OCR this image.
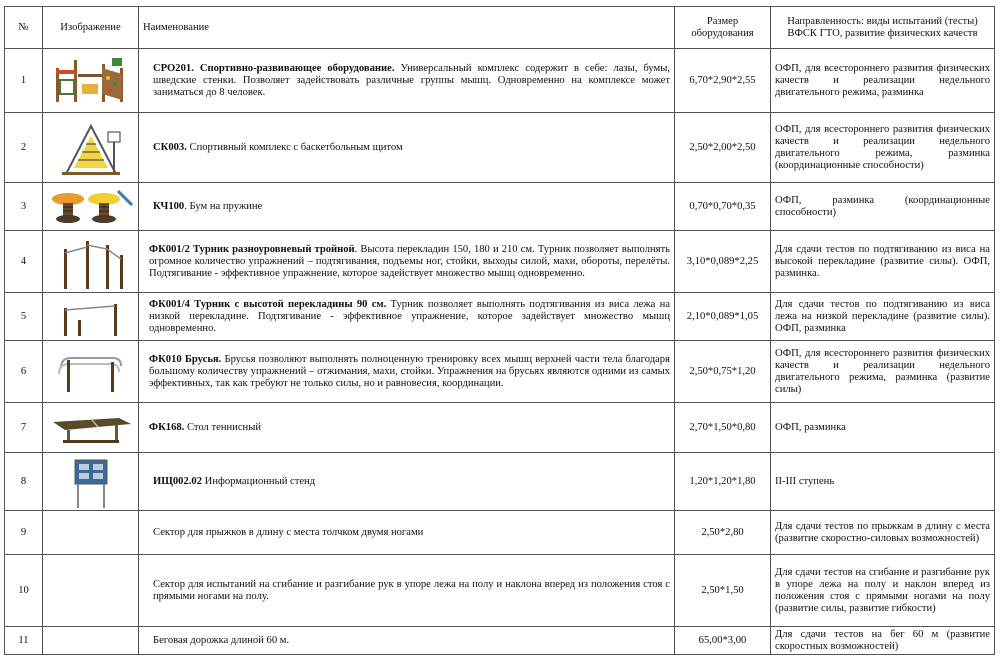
№	Изображение	Наименование	Размер оборудования	Направленность: виды испытаний (тесты) ВФСК ГТО, развитие физических качеств
1		СРО201. Спортивно-развивающее оборудование. Универсальный комплекс содержит в себе: лазы, бумы, шведские стенки. Позволяет задействовать различные группы мышц. Одновременно на комплексе может заниматься до 8 человек.	6,70*2,90*2,55	ОФП, для всестороннего развития физических качеств и реализации недельного двигательного режима, разминка
2		СК003. Спортивный комплекс с баскетбольным щитом	2,50*2,00*2,50	ОФП, для всестороннего развития физических качеств и реализации недельного двигательного режима, разминка (координационные способности)
3		КЧ100. Бум на пружине	0,70*0,70*0,35	ОФП, разминка (координационные способности)
4		ФК001/2 Турник разноуровневый тройной. Высота перекладин 150, 180 и 210 см. Турник позволяет выполнять огромное количество упражнений – подтягивания, подъемы ног, стойки, выходы силой, махи, обороты, перелёты. Подтягивание - эффективное упражнение, которое задействует множество мышц одновременно.	3,10*0,089*2,25	Для сдачи тестов по подтягиванию из виса на высокой перекладине (развитие силы). ОФП, разминка.
5		ФК001/4 Турник с высотой перекладины 90 см. Турник позволяет выполнять подтягивания из виса лежа на низкой перекладине. Подтягивание - эффективное упражнение, которое задействует множество мышц одновременно.	2,10*0,089*1,05	Для сдачи тестов по подтягиванию из виса лежа на низкой перекладине (развитие силы). ОФП, разминка
6		ФК010 Брусья. Брусья позволяют выполнять полноценную тренировку всех мышц верхней части тела благодаря большому количеству упражнений – отжимания, махи, стойки. Упражнения на брусьях являются одними из самых эффективных, так как требуют не только силы, но и равновесия, координации.	2,50*0,75*1,20	ОФП, для всестороннего развития физических качеств и реализации недельного двигательного режима, разминка (развитие силы)
7		ФК168. Стол теннисный	2,70*1,50*0,80	ОФП, разминка
8		ИЩ002.02 Информационный стенд	1,20*1,20*1,80	II-III ступень
9		Сектор для прыжков в длину с места толчком двумя ногами	2,50*2,80	Для сдачи тестов по прыжкам в длину с места (развитие скоростно-силовых возможностей)
10		Сектор для испытаний на сгибание и разгибание рук в упоре лежа на полу и наклона вперед из положения стоя с прямыми ногами на полу.	2,50*1,50	Для сдачи тестов на сгибание и разгибание рук в упоре лежа на полу и наклон вперед из положения стоя с прямыми ногами на полу (развитие силы, развитие гибкости)
11		Беговая дорожка длиной 60 м.	65,00*3,00	Для сдачи тестов на бег 60 м (развитие скоростных возможностей)
